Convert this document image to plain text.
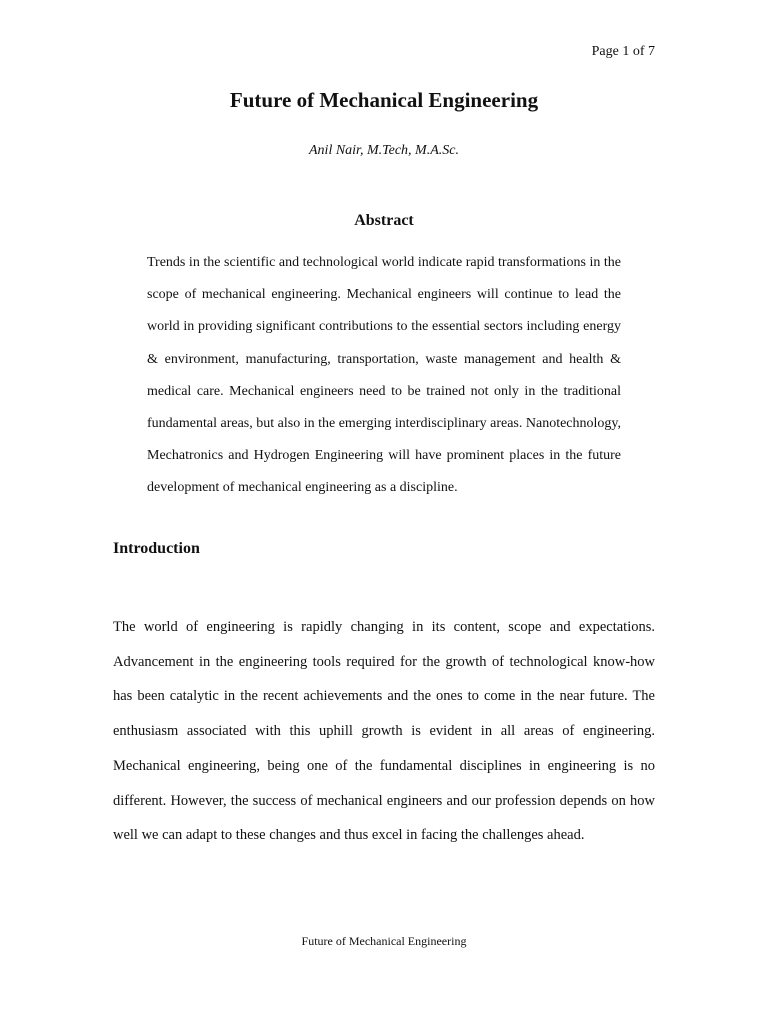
Page 1 of 7
Future of Mechanical Engineering
Anil Nair, M.Tech, M.A.Sc.
Abstract

Trends in the scientific and technological world indicate rapid transformations in the scope of mechanical engineering. Mechanical engineers will continue to lead the world in providing significant contributions to the essential sectors including energy & environment, manufacturing, transportation, waste management and health & medical care. Mechanical engineers need to be trained not only in the traditional fundamental areas, but also in the emerging interdisciplinary areas. Nanotechnology, Mechatronics and Hydrogen Engineering will have prominent places in the future development of mechanical engineering as a discipline.

Introduction

The world of engineering is rapidly changing in its content, scope and expectations. Advancement in the engineering tools required for the growth of technological know-how has been catalytic in the recent achievements and the ones to come in the near future. The enthusiasm associated with this uphill growth is evident in all areas of engineering. Mechanical engineering, being one of the fundamental disciplines in engineering is no different. However, the success of mechanical engineers and our profession depends on how well we can adapt to these changes and thus excel in facing the challenges ahead.

Future of Mechanical Engineering
